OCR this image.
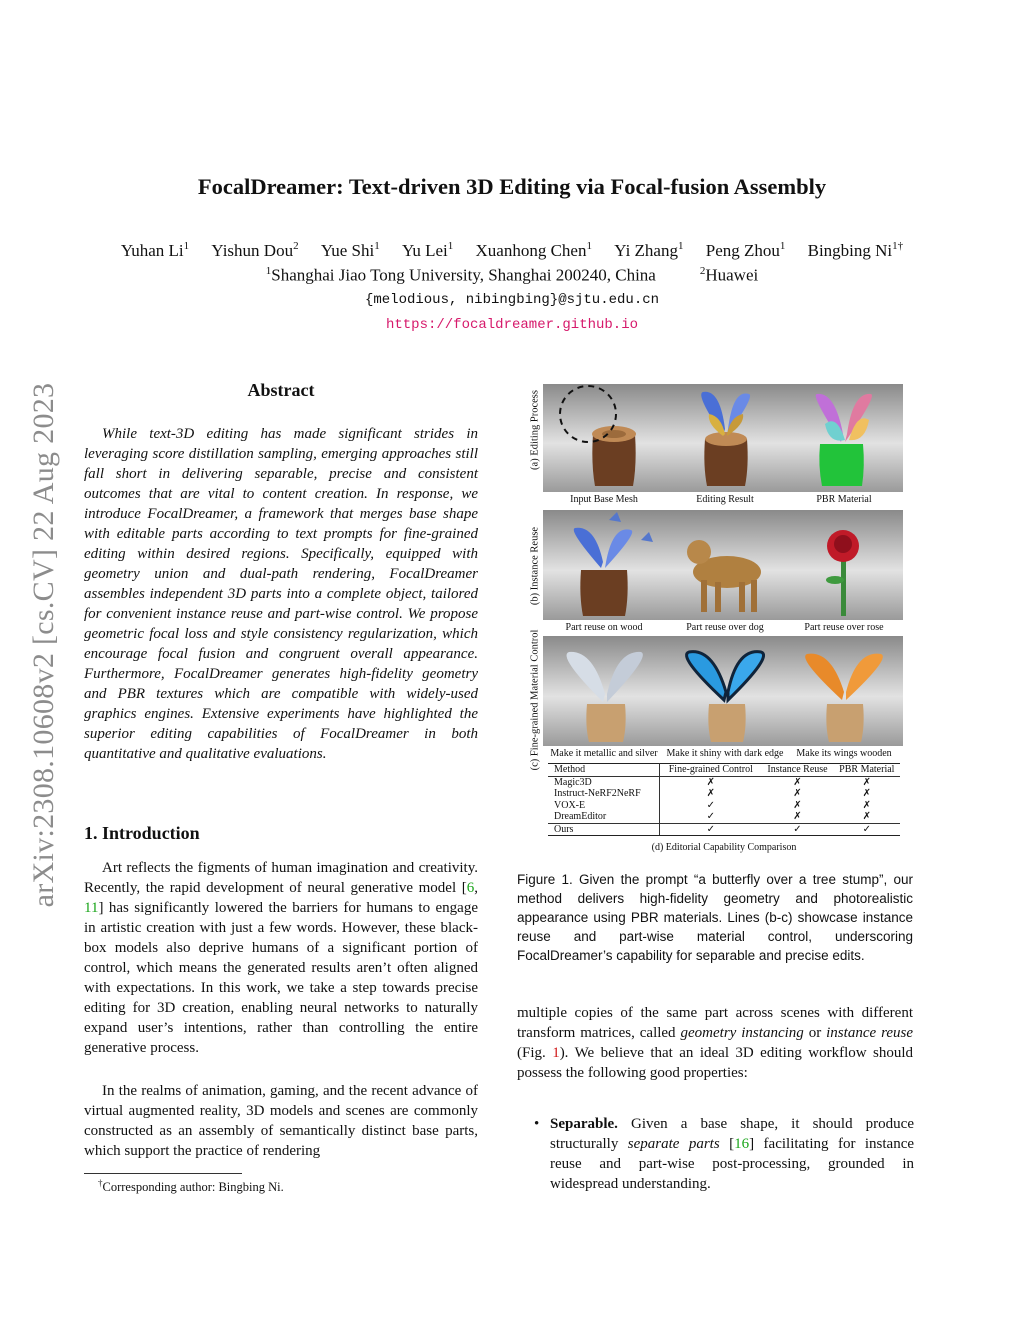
arXiv:2308.10608v2 [cs.CV] 22 Aug 2023
FocalDreamer: Text-driven 3D Editing via Focal-fusion Assembly
Yuhan Li$^1$ Yishun Dou$^2$ Yue Shi$^1$ Yu Lei$^1$ Xuanhong Chen$^1$ Yi Zhang$^1$ Peng Zhou$^1$ Bingbing $Ni^{1\dagger}$
$^1$Shanghai Jiao Tong University, Shanghai 200240, China	$^2$Huawei
{melodious, nibingbing}@sjtu.edu.cn
https://focaldreamer.github.io
Abstract

While text-3D editing has made significant strides in leveraging score distillation sampling, emerging approaches still fall short in delivering separable, precise and consistent outcomes that are vital to content creation. In response, we introduce FocalDreamer, a framework that merges base shape with editable parts according to text prompts for fine-grained editing within desired regions. Specifically, equipped with geometry union and dual-path rendering, FocalDreamer assembles independent 3D parts into a complete object, tailored for convenient instance reuse and part-wise control. We propose geometric focal loss and style consistency regularization, which encourage focal fusion and congruent overall appearance. Furthermore, FocalDreamer generates high-fidelity geometry and PBR textures which are compatible with widely-used graphics engines. Extensive experiments have highlighted the superior editing capabilities of FocalDreamer in both quantitative and qualitative evaluations.

1. Introduction

Art reflects the figments of human imagination and creativity. Recently, the rapid development of neural generative model [6, 11] has significantly lowered the barriers for humans to engage in artistic creation with just a few words. However, these black-box models also deprive humans of a significant portion of control, which means the generated results aren’t often aligned with expectations. In this work, we take a step towards precise editing for 3D creation, enabling neural networks to naturally expand user’s intentions, rather than controlling the entire generative process.

In the realms of animation, gaming, and the recent advance of virtual augmented reality, 3D models and scenes are commonly constructed as an assembly of semantically distinct base parts, which support the practice of rendering

†Corresponding author: Bingbing Ni.
(a) Editing Process
(b) Instance Reuse
(c) Fine-grained Material Control
Input Base Mesh	Editing Result	PBR Material
Part reuse on wood	Part reuse over dog	Part reuse over rose
Make it metallic and silver Make it shiny with dark edge	Make its wings wooden
Method	Fine-grained Control	Instance Reuse	PBR Material
Magic3D	✗	✗	✗
Instruct-NeRF2NeRF	✗	✗	✗
VOX-E	✓	✗	✗
DreamEditor	✓	✗	✗
Ours	✓	✓	✓
(d) Editorial Capability Comparison

Figure 1. Given the prompt “a butterfly over a tree stump”, our method delivers high-fidelity geometry and photorealistic appearance using PBR materials. Lines (b-c) showcase instance reuse and part-wise material control, underscoring FocalDreamer’s capability for separable and precise edits.

multiple copies of the same part across scenes with different transform matrices, called geometry instancing or instance reuse (Fig. 1). We believe that an ideal 3D editing workflow should possess the following good properties:

• Separable. Given a base shape, it should produce structurally separate parts [16] facilitating for instance reuse and part-wise post-processing, grounded in widespread understanding.
